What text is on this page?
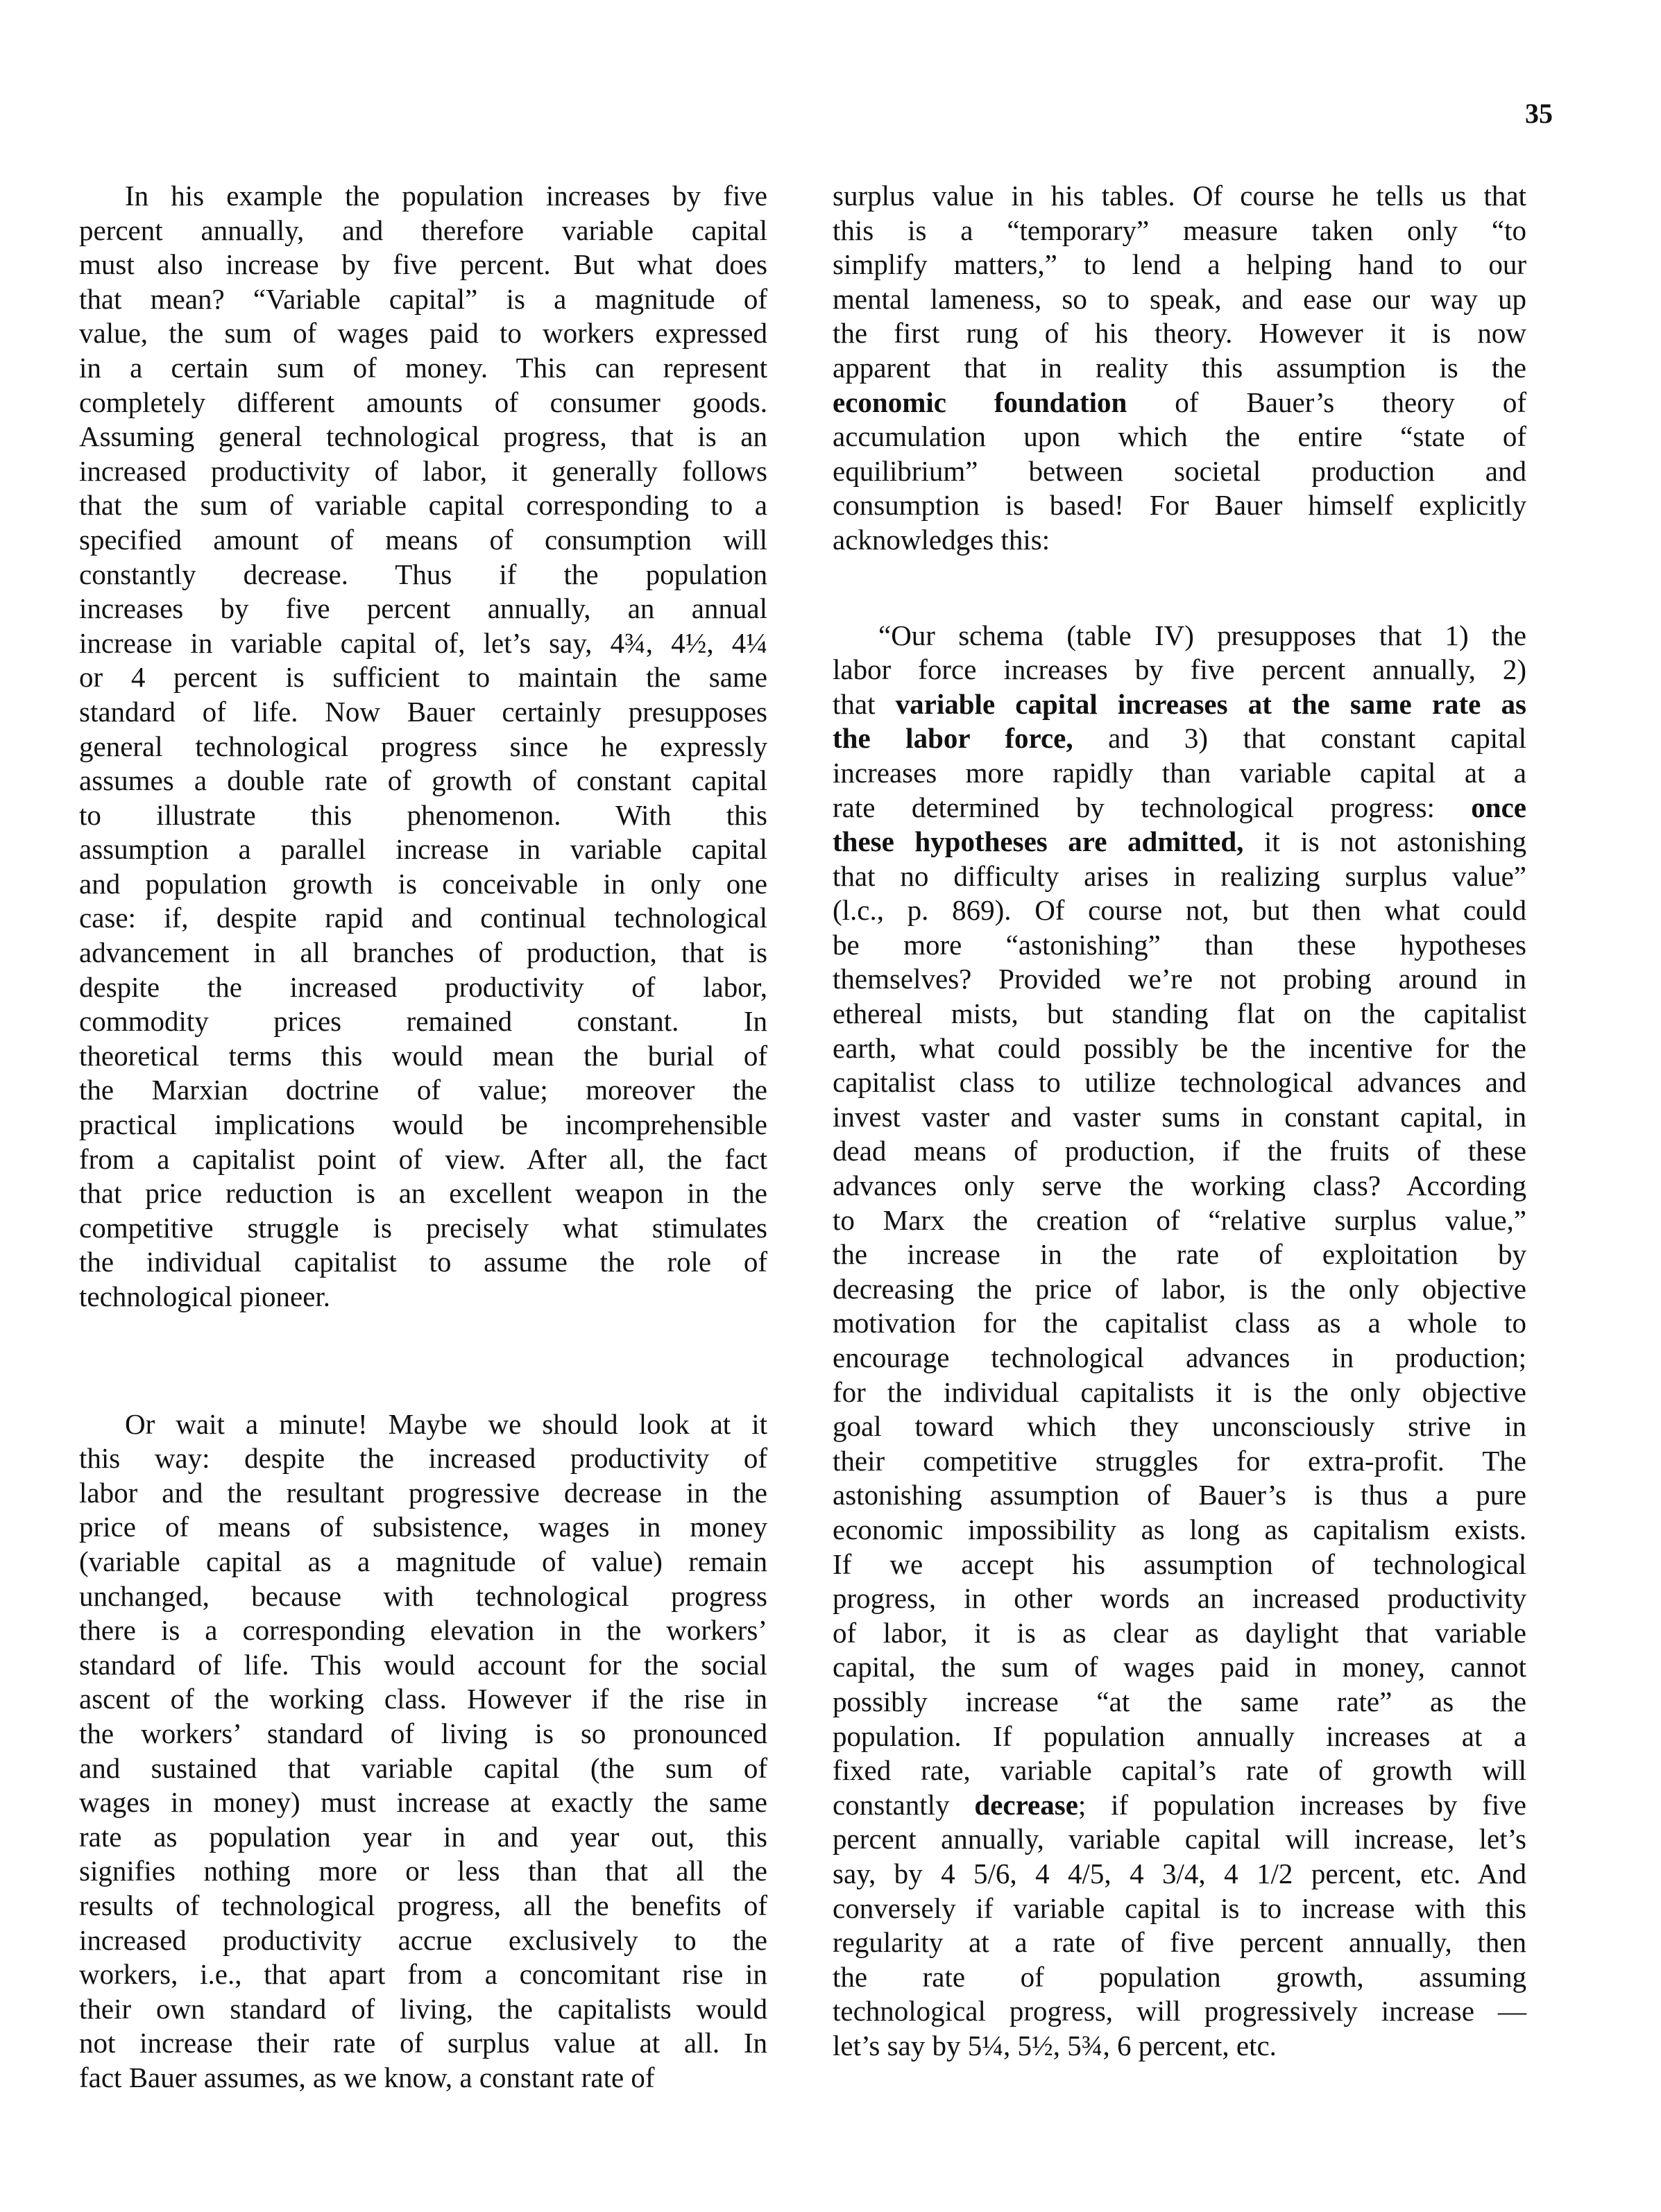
35
In his example the population increases by five
percent annually, and therefore variable capital
must also increase by five percent. But what does
that mean? “Variable capital” is a magnitude of
value, the sum of wages paid to workers expressed
in a certain sum of money. This can represent
completely different amounts of consumer goods.
Assuming general technological progress, that is an
increased productivity of labor, it generally follows
that the sum of variable capital corresponding to a
specified amount of means of consumption will
constantly decrease. Thus if the population
increases by five percent annually, an annual
increase in variable capital of, let’s say, 4¾, 4½, 4¼
or 4 percent is sufficient to maintain the same
standard of life. Now Bauer certainly presupposes
general technological progress since he expressly
assumes a double rate of growth of constant capital
to illustrate this phenomenon. With this
assumption a parallel increase in variable capital
and population growth is conceivable in only one
case: if, despite rapid and continual technological
advancement in all branches of production, that is
despite the increased productivity of labor,
commodity prices remained constant. In
theoretical terms this would mean the burial of
the Marxian doctrine of value; moreover the
practical implications would be incomprehensible
from a capitalist point of view. After all, the fact
that price reduction is an excellent weapon in the
competitive struggle is precisely what stimulates
the individual capitalist to assume the role of
technological pioneer.
Or wait a minute! Maybe we should look at it
this way: despite the increased productivity of
labor and the resultant progressive decrease in the
price of means of subsistence, wages in money
(variable capital as a magnitude of value) remain
unchanged, because with technological progress
there is a corresponding elevation in the workers’
standard of life. This would account for the social
ascent of the working class. However if the rise in
the workers’ standard of living is so pronounced
and sustained that variable capital (the sum of
wages in money) must increase at exactly the same
rate as population year in and year out, this
signifies nothing more or less than that all the
results of technological progress, all the benefits of
increased productivity accrue exclusively to the
workers, i.e., that apart from a concomitant rise in
their own standard of living, the capitalists would
not increase their rate of surplus value at all. In
fact Bauer assumes, as we know, a constant rate of
surplus value in his tables. Of course he tells us that
this is a “temporary” measure taken only “to
simplify matters,” to lend a helping hand to our
mental lameness, so to speak, and ease our way up
the first rung of his theory. However it is now
apparent that in reality this assumption is the
economic foundation of Bauer’s theory of
accumulation upon which the entire “state of
equilibrium” between societal production and
consumption is based! For Bauer himself explicitly
acknowledges this:
“Our schema (table IV) presupposes that 1) the
labor force increases by five percent annually, 2)
that variable capital increases at the same rate as
the labor force, and 3) that constant capital
increases more rapidly than variable capital at a
rate determined by technological progress: once
these hypotheses are admitted, it is not astonishing
that no difficulty arises in realizing surplus value”
(l.c., p. 869). Of course not, but then what could
be more “astonishing” than these hypotheses
themselves? Provided we’re not probing around in
ethereal mists, but standing flat on the capitalist
earth, what could possibly be the incentive for the
capitalist class to utilize technological advances and
invest vaster and vaster sums in constant capital, in
dead means of production, if the fruits of these
advances only serve the working class? According
to Marx the creation of “relative surplus value,”
the increase in the rate of exploitation by
decreasing the price of labor, is the only objective
motivation for the capitalist class as a whole to
encourage technological advances in production;
for the individual capitalists it is the only objective
goal toward which they unconsciously strive in
their competitive struggles for extra-profit. The
astonishing assumption of Bauer’s is thus a pure
economic impossibility as long as capitalism exists.
If we accept his assumption of technological
progress, in other words an increased productivity
of labor, it is as clear as daylight that variable
capital, the sum of wages paid in money, cannot
possibly increase “at the same rate” as the
population. If population annually increases at a
fixed rate, variable capital’s rate of growth will
constantly decrease; if population increases by five
percent annually, variable capital will increase, let’s
say, by 4 5/6, 4 4/5, 4 3/4, 4 1/2 percent, etc. And
conversely if variable capital is to increase with this
regularity at a rate of five percent annually, then
the rate of population growth, assuming
technological progress, will progressively increase —
let’s say by 5¼, 5½, 5¾, 6 percent, etc.
